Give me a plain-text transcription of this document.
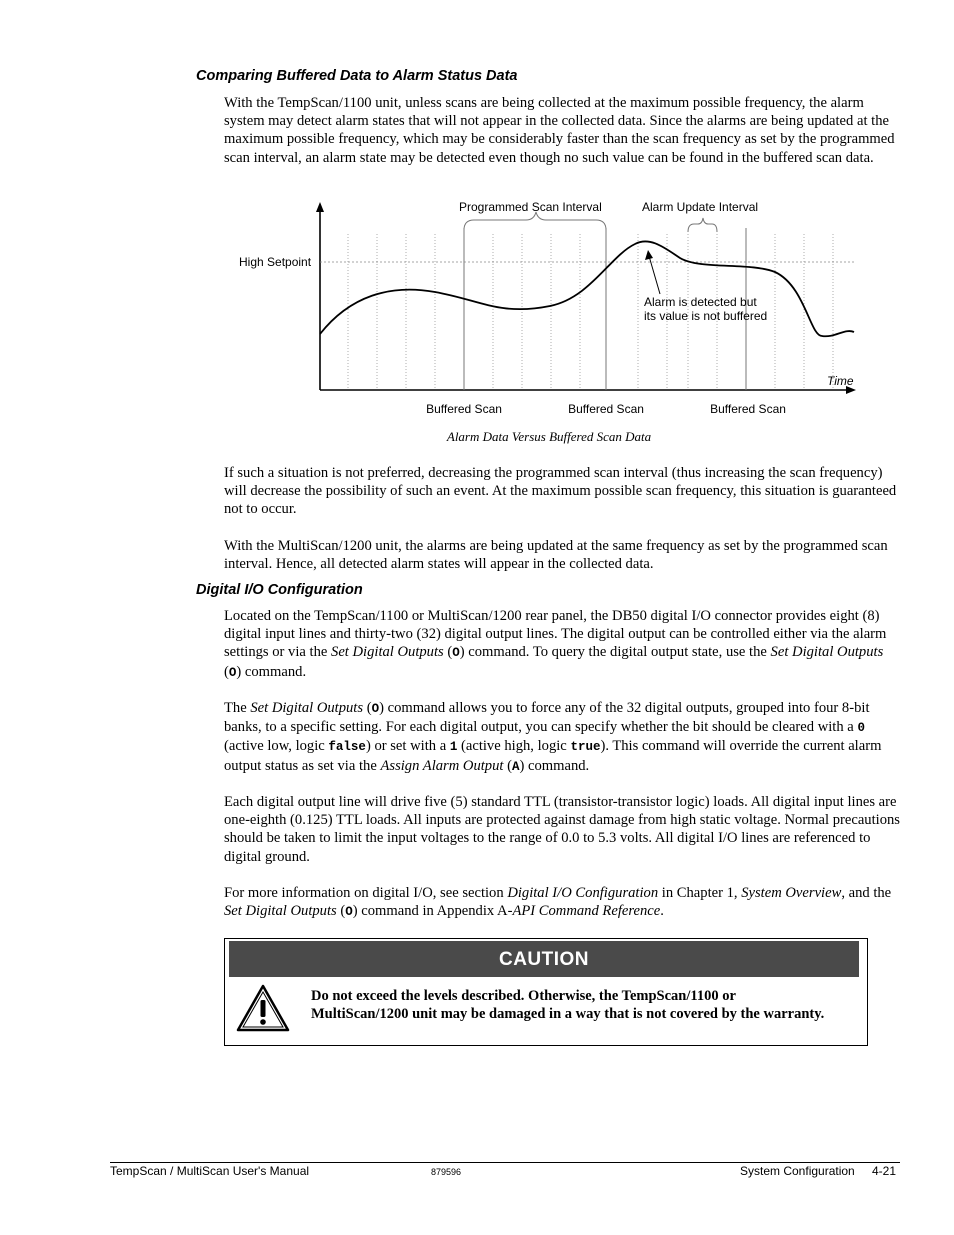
Comparing Buffered Data to Alarm Status Data
With the TempScan/1100 unit, unless scans are being collected at the maximum possible frequency, the alarm system may detect alarm states that will not appear in the collected data. Since the alarms are being updated at the maximum possible frequency, which may be considerably faster than the scan frequency as set by the programmed scan interval, an alarm state may be detected even though no such value can be found in the buffered scan data.
Programmed Scan Interval	Alarm Update Interval
High Setpoint
Alarm is detected but
its value is not buffered
Time
Buffered Scan	Buffered Scan	Buffered Scan
Alarm Data Versus Buffered Scan Data
If such a situation is not preferred, decreasing the programmed scan interval (thus increasing the scan frequency) will decrease the possibility of such an event. At the maximum possible scan frequency, this situation is guaranteed not to occur.
With the MultiScan/1200 unit, the alarms are being updated at the same frequency as set by the programmed scan interval. Hence, all detected alarm states will appear in the collected data.
Digital I/O Configuration
Located on the TempScan/1100 or MultiScan/1200 rear panel, the DB50 digital I/O connector provides eight (8) digital input lines and thirty-two (32) digital output lines. The digital output can be controlled either via the alarm settings or via the Set Digital Outputs (O) command. To query the digital output state, use the Set Digital Outputs (O) command.
The Set Digital Outputs (O) command allows you to force any of the 32 digital outputs, grouped into four 8-bit banks, to a specific setting. For each digital output, you can specify whether the bit should be cleared with a 0 (active low, logic false) or set with a 1 (active high, logic true). This command will override the current alarm output status as set via the Assign Alarm Output (A) command.
Each digital output line will drive five (5) standard TTL (transistor-transistor logic) loads. All digital input lines are one-eighth (0.125) TTL loads. All inputs are protected against damage from high static voltage. Normal precautions should be taken to limit the input voltages to the range of 0.0 to 5.3 volts. All digital I/O lines are referenced to digital ground.
For more information on digital I/O, see section Digital I/O Configuration in Chapter 1, System Overview, and the Set Digital Outputs (O) command in Appendix A-API Command Reference.
CAUTION
Do not exceed the levels described. Otherwise, the TempScan/1100 or MultiScan/1200 unit may be damaged in a way that is not covered by the warranty.
TempScan / MultiScan User's Manual	879596	System Configuration 4-21
